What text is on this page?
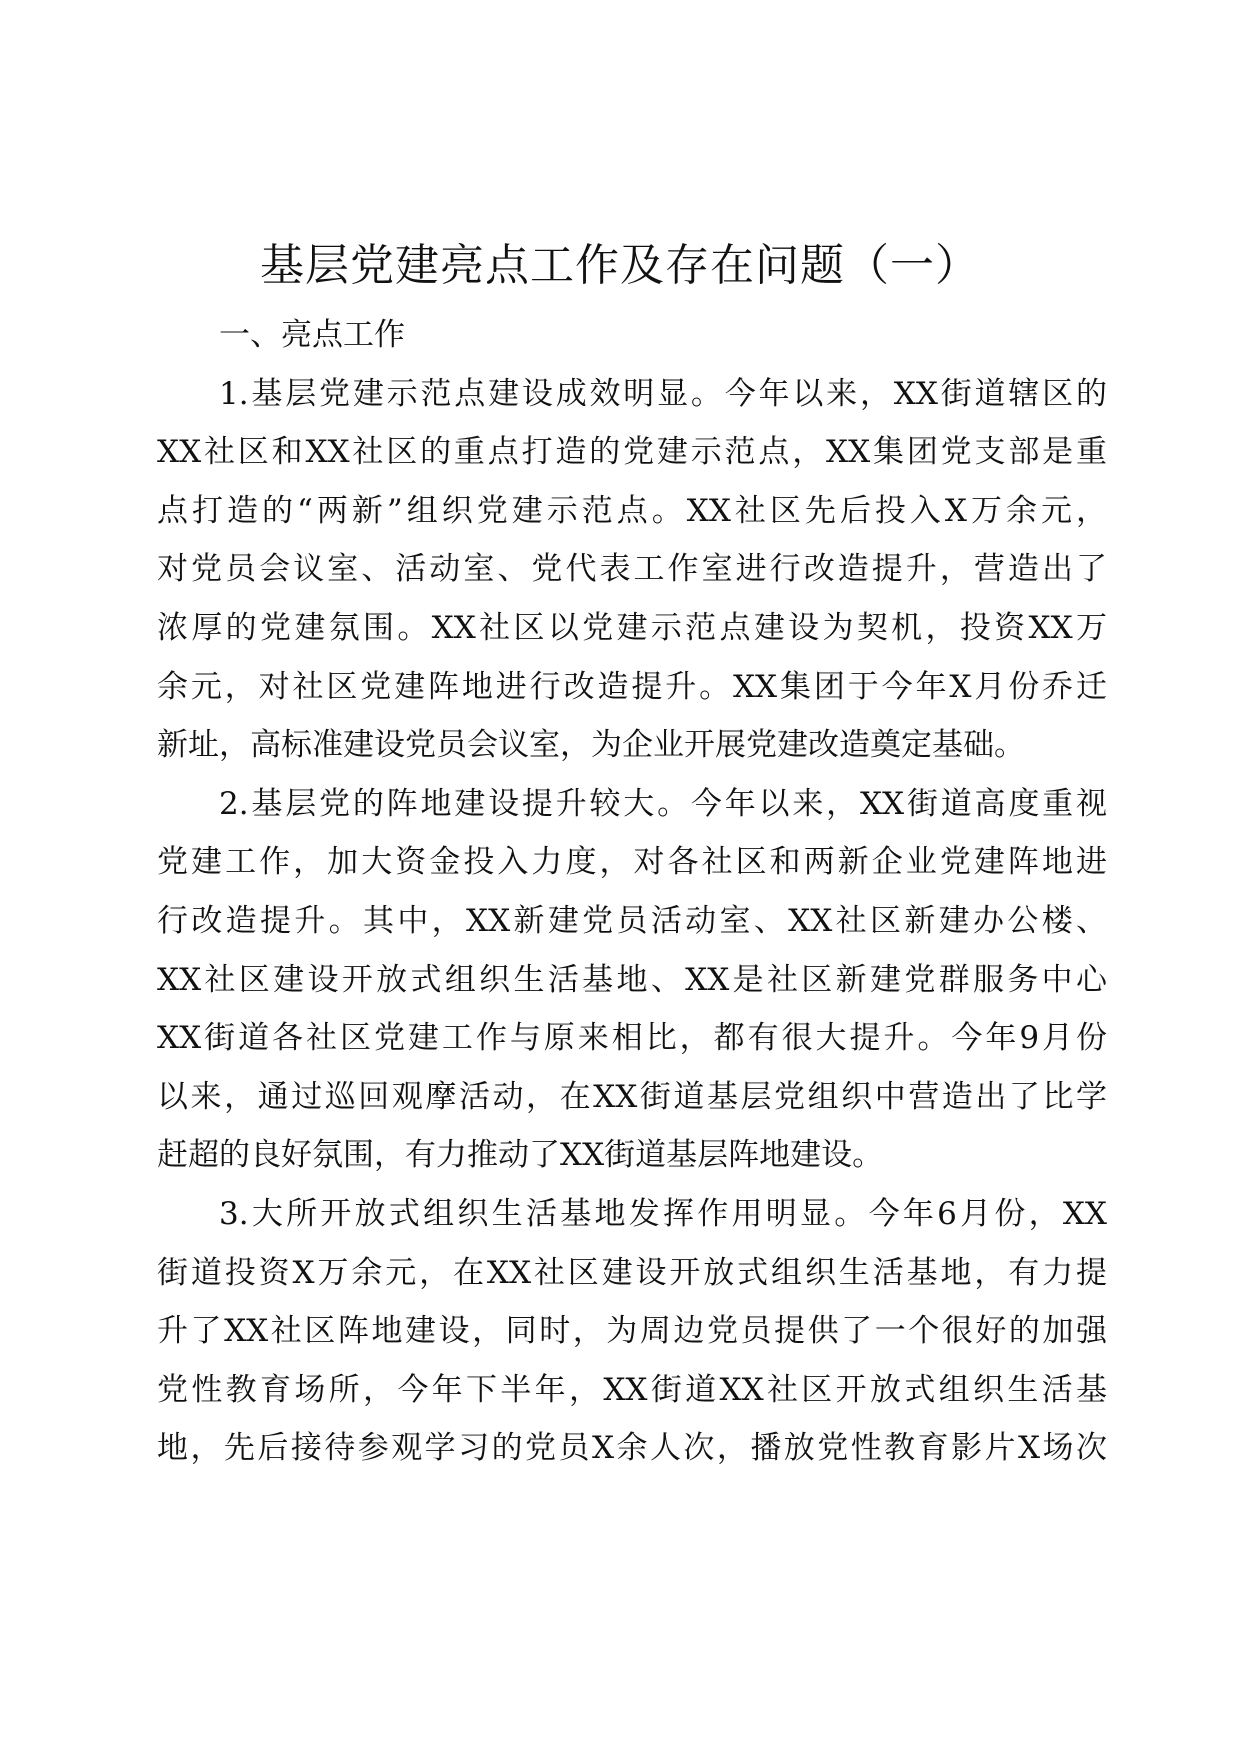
基层党建亮点工作及存在问题（一）
一、亮点工作

1.基层党建示范点建设成效明显。今年以来，XX街道辖区的
XX社区和XX社区的重点打造的党建示范点，XX集团党支部是重
点打造的“两新”组织党建示范点。XX社区先后投入X万余元，
对党员会议室、活动室、党代表工作室进行改造提升，营造出了
浓厚的党建氛围。XX社区以党建示范点建设为契机，投资XX万
余元，对社区党建阵地进行改造提升。XX集团于今年X月份乔迁
新址，高标准建设党员会议室，为企业开展党建改造奠定基础。

2.基层党的阵地建设提升较大。今年以来，XX街道高度重视
党建工作，加大资金投入力度，对各社区和两新企业党建阵地进
行改造提升。其中，XX新建党员活动室、XX社区新建办公楼、
XX社区建设开放式组织生活基地、XX是社区新建党群服务中心
XX街道各社区党建工作与原来相比，都有很大提升。今年9月份
以来，通过巡回观摩活动，在XX街道基层党组织中营造出了比学
赶超的良好氛围，有力推动了XX街道基层阵地建设。

3.大所开放式组织生活基地发挥作用明显。今年6月份，XX
街道投资X万余元，在XX社区建设开放式组织生活基地，有力提
升了XX社区阵地建设，同时，为周边党员提供了一个很好的加强
党性教育场所，今年下半年，XX街道XX社区开放式组织生活基
地，先后接待参观学习的党员X余人次，播放党性教育影片X场次
